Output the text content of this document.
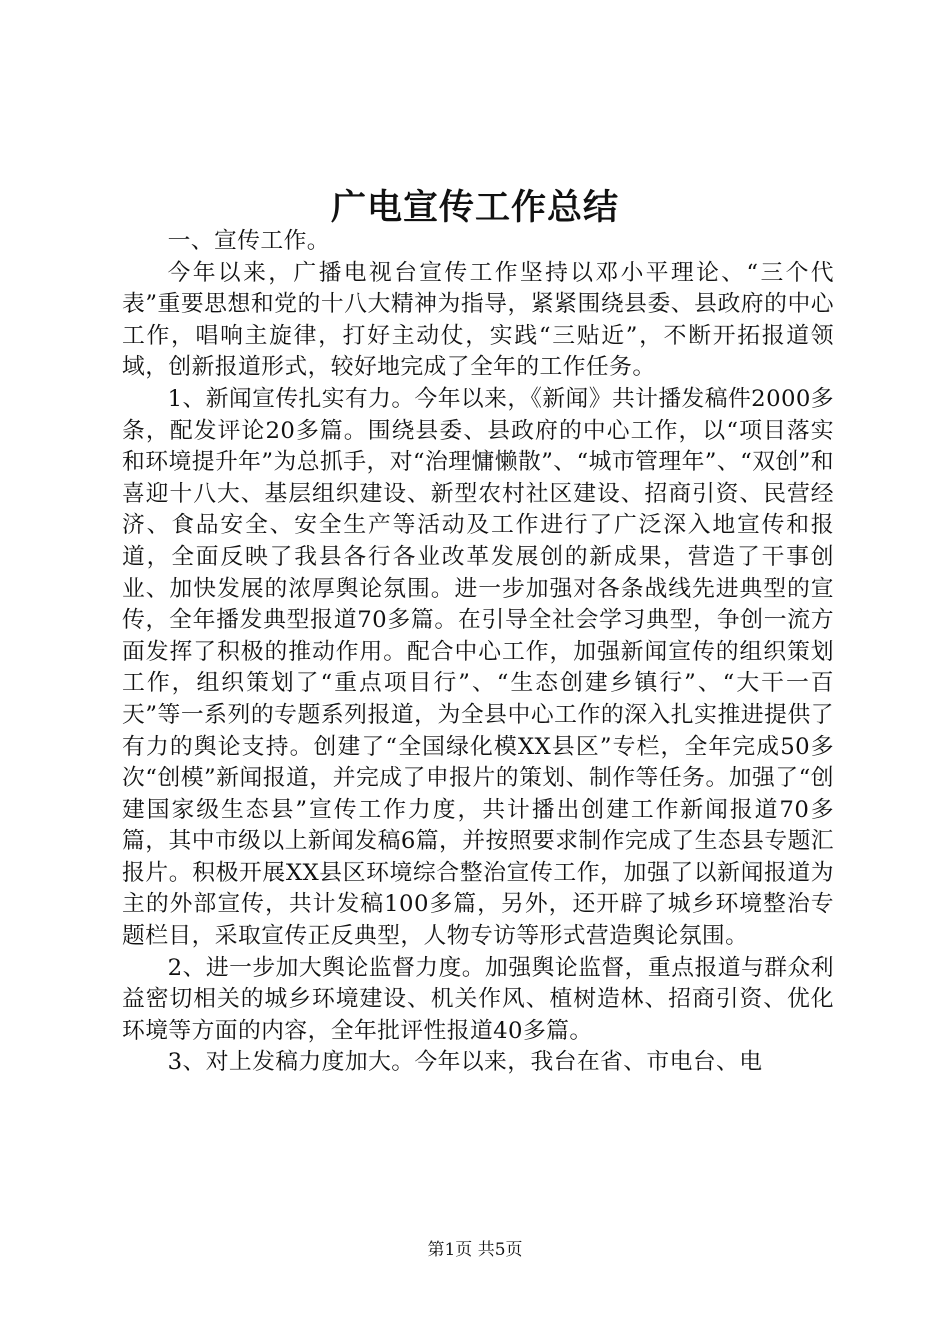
广电宣传工作总结

一、宣传工作。

今年以来，广播电视台宣传工作坚持以邓小平理论、“三个代表”重要思想和党的十八大精神为指导，紧紧围绕县委、县政府的中心工作，唱响主旋律，打好主动仗，实践“三贴近”，不断开拓报道领域，创新报道形式，较好地完成了全年的工作任务。

1、新闻宣传扎实有力。今年以来，《新闻》共计播发稿件2000多条，配发评论20多篇。围绕县委、县政府的中心工作，以“项目落实和环境提升年”为总抓手，对“治理慵懒散”、“城市管理年”、“双创”和喜迎十八大、基层组织建设、新型农村社区建设、招商引资、民营经济、食品安全、安全生产等活动及工作进行了广泛深入地宣传和报道，全面反映了我县各行各业改革发展创的新成果，营造了干事创业、加快发展的浓厚舆论氛围。进一步加强对各条战线先进典型的宣传，全年播发典型报道70多篇。在引导全社会学习典型，争创一流方面发挥了积极的推动作用。配合中心工作，加强新闻宣传的组织策划工作，组织策划了“重点项目行”、“生态创建乡镇行”、“大干一百天”等一系列的专题系列报道，为全县中心工作的深入扎实推进提供了有力的舆论支持。创建了“全国绿化模XX县区”专栏，全年完成50多次“创模”新闻报道，并完成了申报片的策划、制作等任务。加强了“创建国家级生态县”宣传工作力度，共计播出创建工作新闻报道70多篇，其中市级以上新闻发稿6篇，并按照要求制作完成了生态县专题汇报片。积极开展XX县区环境综合整治宣传工作，加强了以新闻报道为主的外部宣传，共计发稿100多篇，另外，还开辟了城乡环境整治专题栏目，采取宣传正反典型，人物专访等形式营造舆论氛围。

2、进一步加大舆论监督力度。加强舆论监督，重点报道与群众利益密切相关的城乡环境建设、机关作风、植树造林、招商引资、优化环境等方面的内容，全年批评性报道40多篇。

3、对上发稿力度加大。今年以来，我台在省、市电台、电

第1页 共5页
